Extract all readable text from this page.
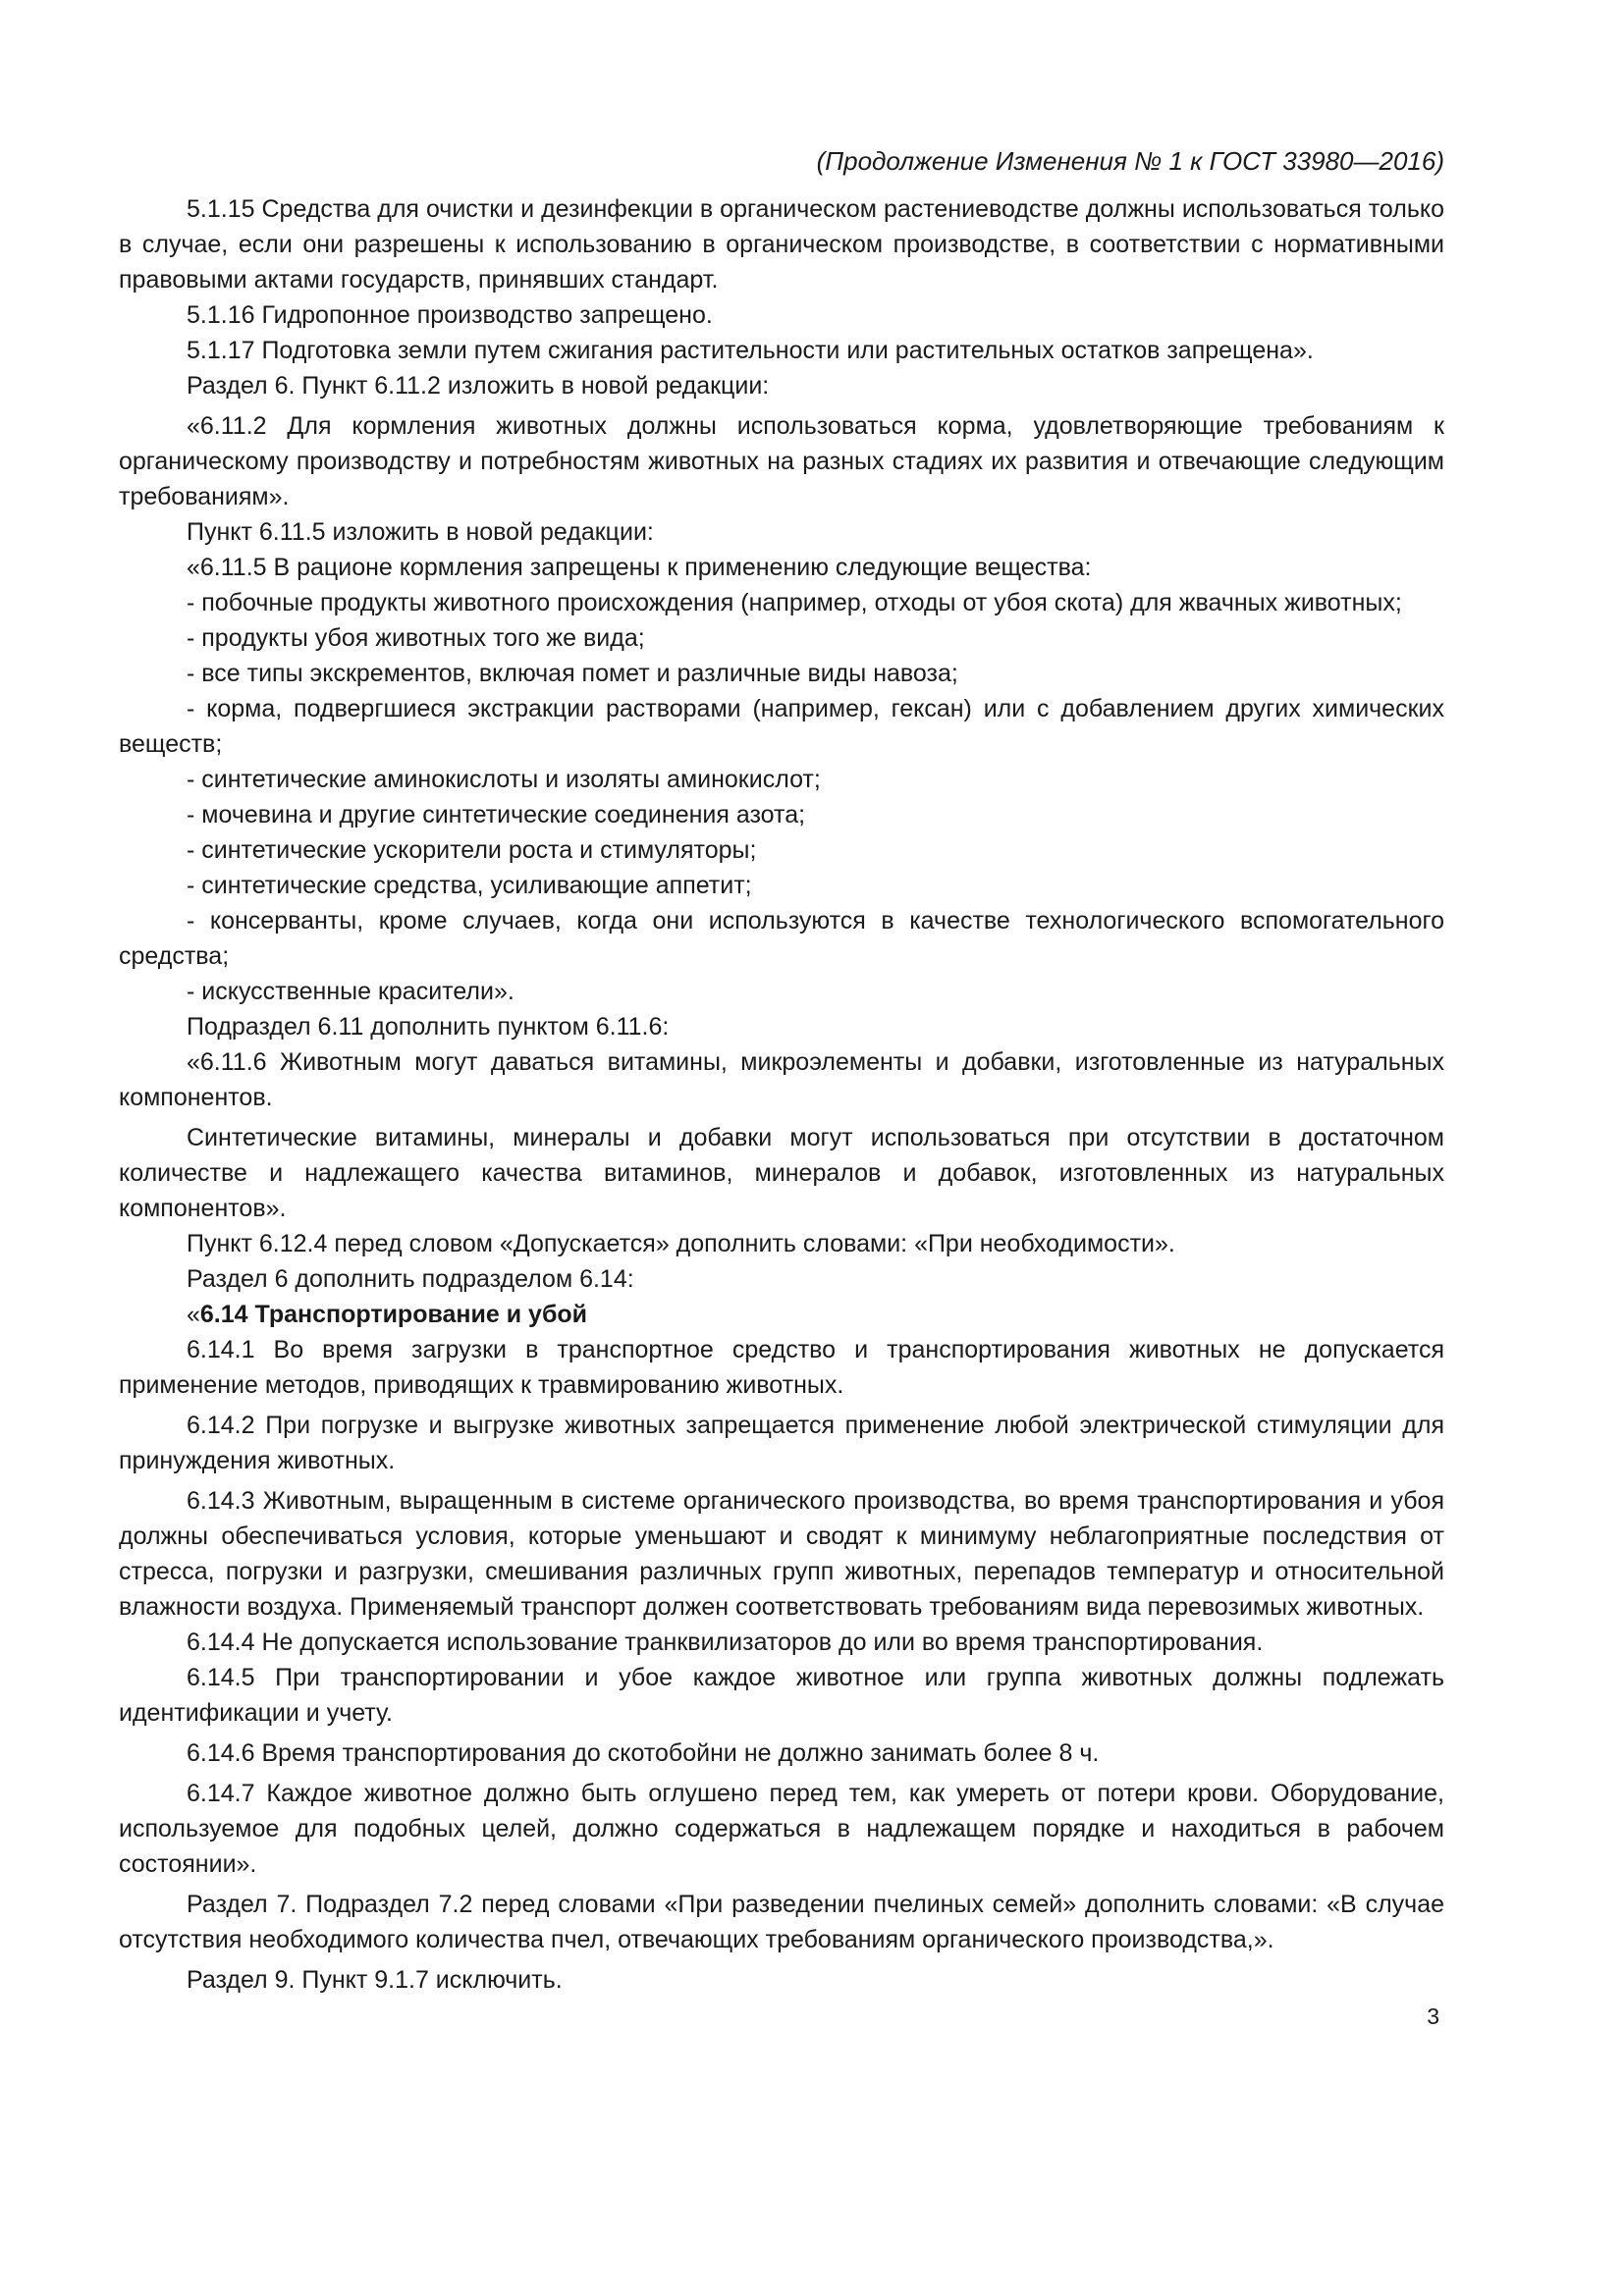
(Продолжение Изменения № 1 к ГОСТ 33980—2016)

5.1.15 Средства для очистки и дезинфекции в органическом растениеводстве должны использоваться только в случае, если они разрешены к использованию в органическом производстве, в соответствии с нормативными правовыми актами государств, принявших стандарт.

5.1.16 Гидропонное производство запрещено.

5.1.17 Подготовка земли путем сжигания растительности или растительных остатков запрещена».

Раздел 6. Пункт 6.11.2 изложить в новой редакции:

«6.11.2 Для кормления животных должны использоваться корма, удовлетворяющие требованиям к органическому производству и потребностям животных на разных стадиях их развития и отвечающие следующим требованиям».

Пункт 6.11.5 изложить в новой редакции:

«6.11.5 В рационе кормления запрещены к применению следующие вещества:

- побочные продукты животного происхождения (например, отходы от убоя скота) для жвачных животных;

- продукты убоя животных того же вида;

- все типы экскрементов, включая помет и различные виды навоза;

- корма, подвергшиеся экстракции растворами (например, гексан) или с добавлением других химических веществ;

- синтетические аминокислоты и изоляты аминокислот;

- мочевина и другие синтетические соединения азота;

- синтетические ускорители роста и стимуляторы;

- синтетические средства, усиливающие аппетит;

- консерванты, кроме случаев, когда они используются в качестве технологического вспомогательного средства;

- искусственные красители».

Подраздел 6.11 дополнить пунктом 6.11.6:

«6.11.6 Животным могут даваться витамины, микроэлементы и добавки, изготовленные из натуральных компонентов.

Синтетические витамины, минералы и добавки могут использоваться при отсутствии в достаточном количестве и надлежащего качества витаминов, минералов и добавок, изготовленных из натуральных компонентов».

Пункт 6.12.4 перед словом «Допускается» дополнить словами: «При необходимости».

Раздел 6 дополнить подразделом 6.14:

«6.14 Транспортирование и убой

6.14.1 Во время загрузки в транспортное средство и транспортирования животных не допускается применение методов, приводящих к травмированию животных.

6.14.2 При погрузке и выгрузке животных запрещается применение любой электрической стимуляции для принуждения животных.

6.14.3 Животным, выращенным в системе органического производства, во время транспортирования и убоя должны обеспечиваться условия, которые уменьшают и сводят к минимуму неблагоприятные последствия от стресса, погрузки и разгрузки, смешивания различных групп животных, перепадов температур и относительной влажности воздуха. Применяемый транспорт должен соответствовать требованиям вида перевозимых животных.

6.14.4 Не допускается использование транквилизаторов до или во время транспортирования.

6.14.5 При транспортировании и убое каждое животное или группа животных должны подлежать идентификации и учету.

6.14.6 Время транспортирования до скотобойни не должно занимать более 8 ч.

6.14.7 Каждое животное должно быть оглушено перед тем, как умереть от потери крови. Оборудование, используемое для подобных целей, должно содержаться в надлежащем порядке и находиться в рабочем состоянии».

Раздел 7. Подраздел 7.2 перед словами «При разведении пчелиных семей» дополнить словами: «В случае отсутствия необходимого количества пчел, отвечающих требованиям органического производства,».

Раздел 9. Пункт 9.1.7 исключить.

3
